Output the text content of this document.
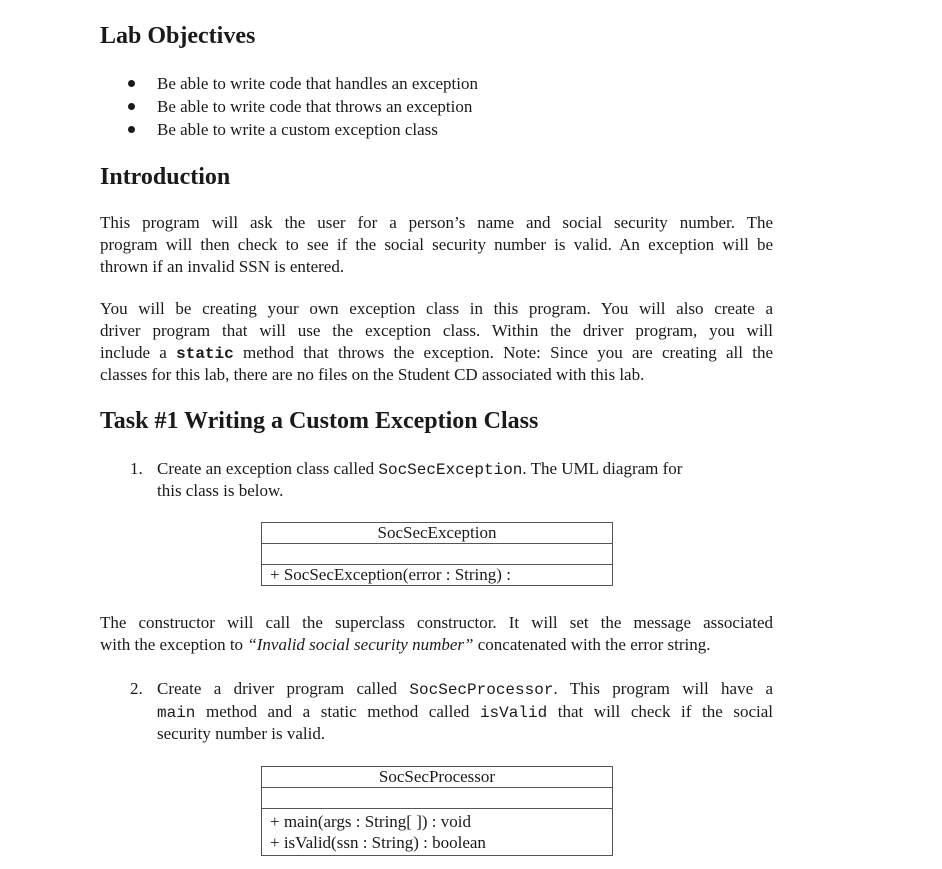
Lab Objectives
Be able to write code that handles an exception
Be able to write code that throws an exception
Be able to write a custom exception class
Introduction
This program will ask the user for a person’s name and social security number. The
program will then check to see if the social security number is valid. An exception will be
thrown if an invalid SSN is entered.
You will be creating your own exception class in this program. You will also create a
driver program that will use the exception class. Within the driver program, you will
include a static method that throws the exception. Note: Since you are creating all the
classes for this lab, there are no files on the Student CD associated with this lab.
Task #1 Writing a Custom Exception Class
1. Create an exception class called SocSecException. The UML diagram for
this class is below.
SocSecException
+ SocSecException(error : String) :
The constructor will call the superclass constructor. It will set the message associated
with the exception to “Invalid social security number” concatenated with the error string.
2. Create a driver program called SocSecProcessor. This program will have a
main method and a static method called isValid that will check if the social
security number is valid.
SocSecProcessor
+ main(args : String[ ]) : void
+ isValid(ssn : String) : boolean
